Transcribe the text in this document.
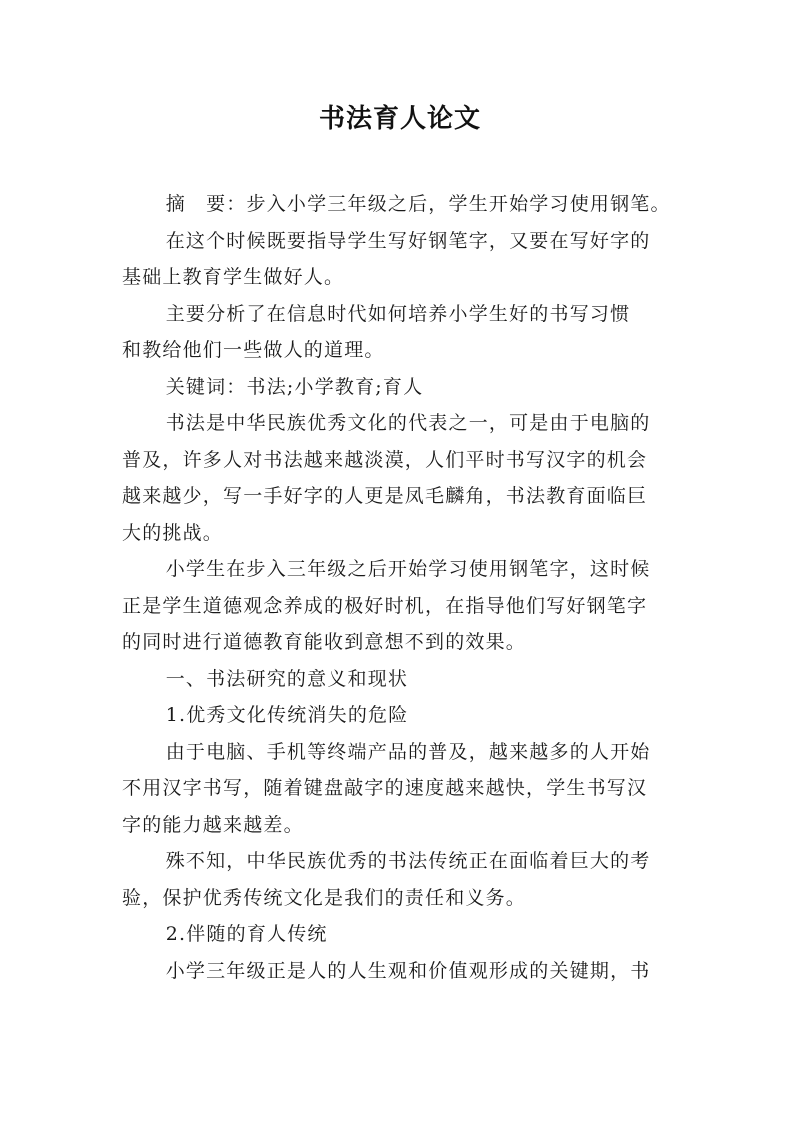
书法育人论文

摘　要：步入小学三年级之后，学生开始学习使用钢笔。

在这个时候既要指导学生写好钢笔字，又要在写好字的

基础上教育学生做好人。

主要分析了在信息时代如何培养小学生好的书写习惯

和教给他们一些做人的道理。

关键词：书法;小学教育;育人

书法是中华民族优秀文化的代表之一，可是由于电脑的

普及，许多人对书法越来越淡漠，人们平时书写汉字的机会

越来越少，写一手好字的人更是凤毛麟角，书法教育面临巨

大的挑战。

小学生在步入三年级之后开始学习使用钢笔字，这时候

正是学生道德观念养成的极好时机，在指导他们写好钢笔字

的同时进行道德教育能收到意想不到的效果。

一、书法研究的意义和现状

1.优秀文化传统消失的危险

由于电脑、手机等终端产品的普及，越来越多的人开始

不用汉字书写，随着键盘敲字的速度越来越快，学生书写汉

字的能力越来越差。

殊不知，中华民族优秀的书法传统正在面临着巨大的考

验，保护优秀传统文化是我们的责任和义务。

2.伴随的育人传统

小学三年级正是人的人生观和价值观形成的关键期，书
